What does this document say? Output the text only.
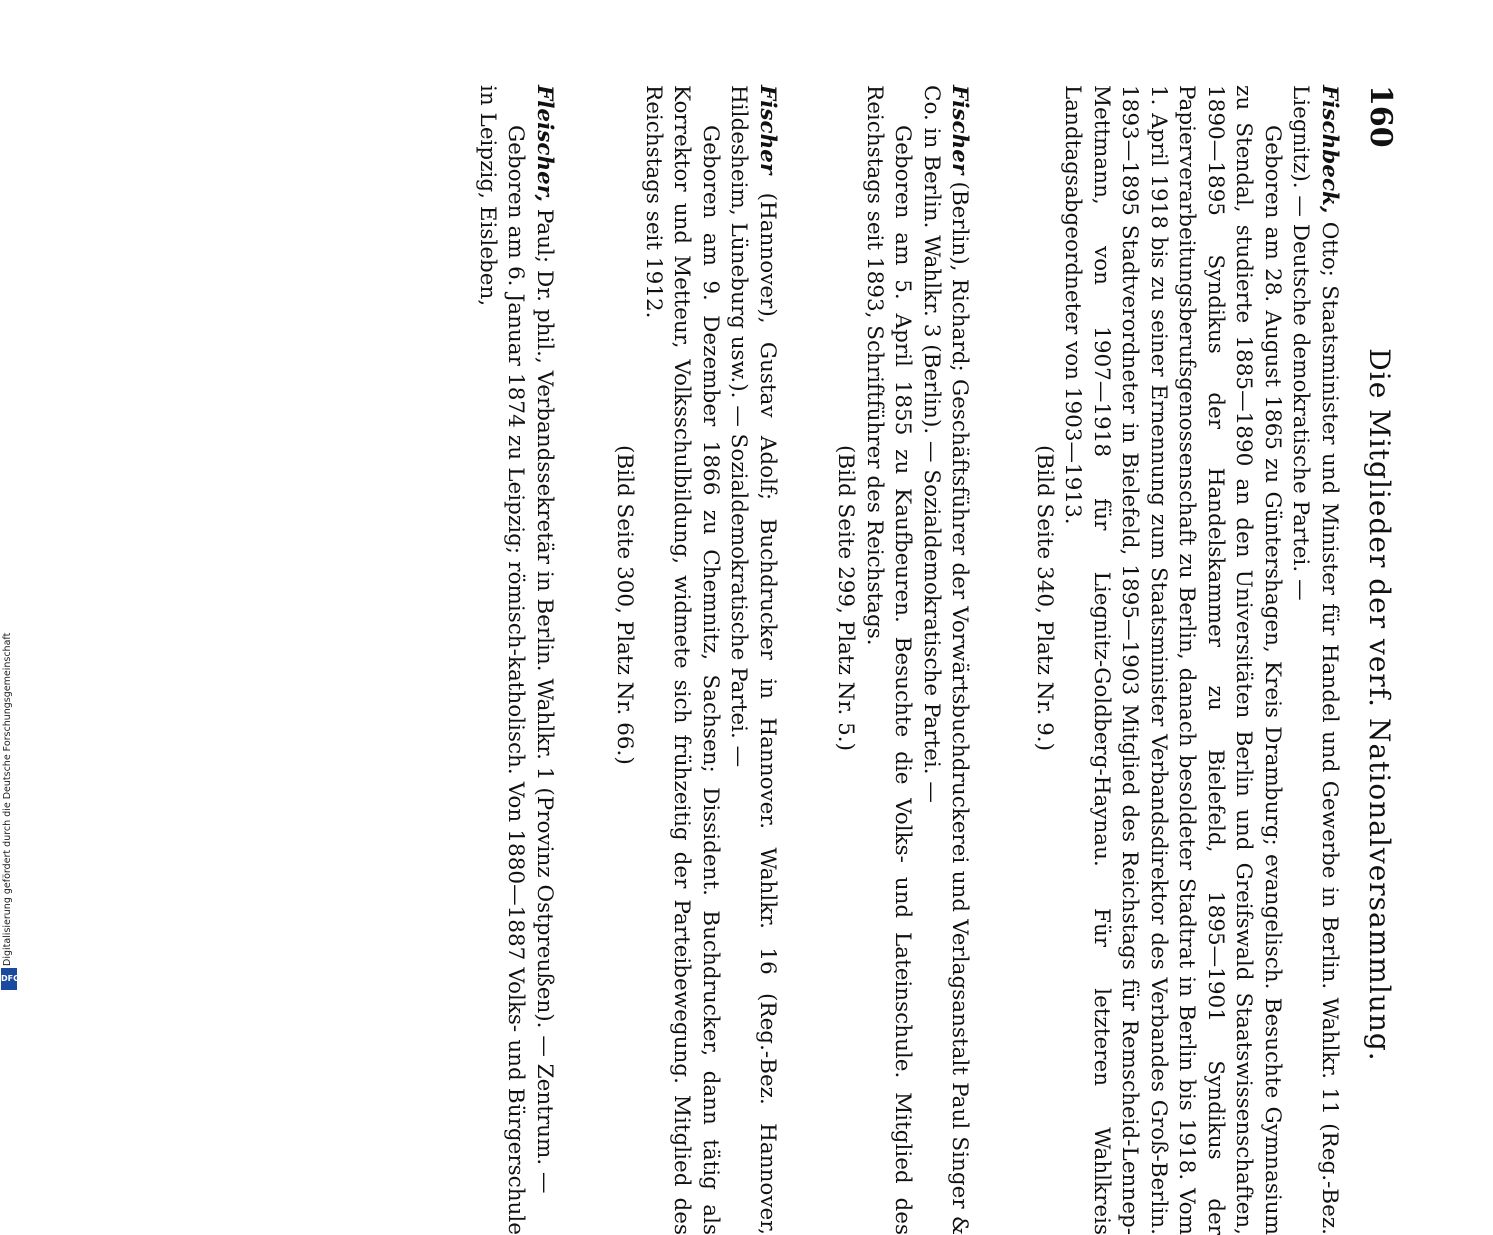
160
Die Mitglieder der verf. Nationalversammlung.

Fischbeck, Otto; Staatsminister und Minister für Handel und Gewerbe in Berlin. Wahlkr. 11 (Reg.-Bez. Liegnitz). — Deutsche demokratische Partei. —

Geboren am 28. August 1865 zu Güntershagen, Kreis Dramburg; evangelisch. Besuchte Gymnasium zu Stendal, studierte 1885—1890 an den Universitäten Berlin und Greifswald Staatswissenschaften, 1890—1895 Syndikus der Handelskammer zu Bielefeld, 1895—1901 Syndikus der Papierverarbeitungsberufsgenossenschaft zu Berlin, danach besoldeter Stadtrat in Berlin bis 1918. Vom 1. April 1918 bis zu seiner Ernennung zum Staatsminister Verbandsdirektor des Verbandes Groß-Berlin. 1893—1895 Stadtverordneter in Bielefeld, 1895—1903 Mitglied des Reichstags für Remscheid-Lennep-Mettmann, von 1907—1918 für Liegnitz-Goldberg-Haynau. Für letzteren Wahlkreis Landtagsabgeordneter von 1903—1913.

(Bild Seite 340, Platz Nr. 9.)

Fischer (Berlin), Richard; Geschäftsführer der Vorwärtsbuchdruckerei und Verlagsanstalt Paul Singer & Co. in Berlin. Wahlkr. 3 (Berlin). — Sozialdemokratische Partei. —

Geboren am 5. April 1855 zu Kaufbeuren. Besuchte die Volks- und Lateinschule. Mitglied des Reichstags seit 1893, Schriftführer des Reichstags.

(Bild Seite 299, Platz Nr. 5.)

Fischer (Hannover), Gustav Adolf; Buchdrucker in Hannover. Wahlkr. 16 (Reg.-Bez. Hannover, Hildesheim, Lüneburg usw.). — Sozialdemokratische Partei. —

Geboren am 9. Dezember 1866 zu Chemnitz, Sachsen; Dissident. Buchdrucker, dann tätig als Korrektor und Metteur, Volksschulbildung, widmete sich frühzeitig der Parteibewegung. Mitglied des Reichstags seit 1912.

(Bild Seite 300, Platz Nr. 66.)

Fleischer, Paul; Dr. phil., Verbandssekretär in Berlin. Wahlkr. 1 (Provinz Ostpreußen). — Zentrum. —

Geboren am 6. Januar 1874 zu Leipzig; römisch-katholisch. Von 1880—1887 Volks- und Bürgerschule in Leipzig, Eisleben,

Digitalisierung gefördert durch die Deutsche Forschungsgemeinschaft
DFG
